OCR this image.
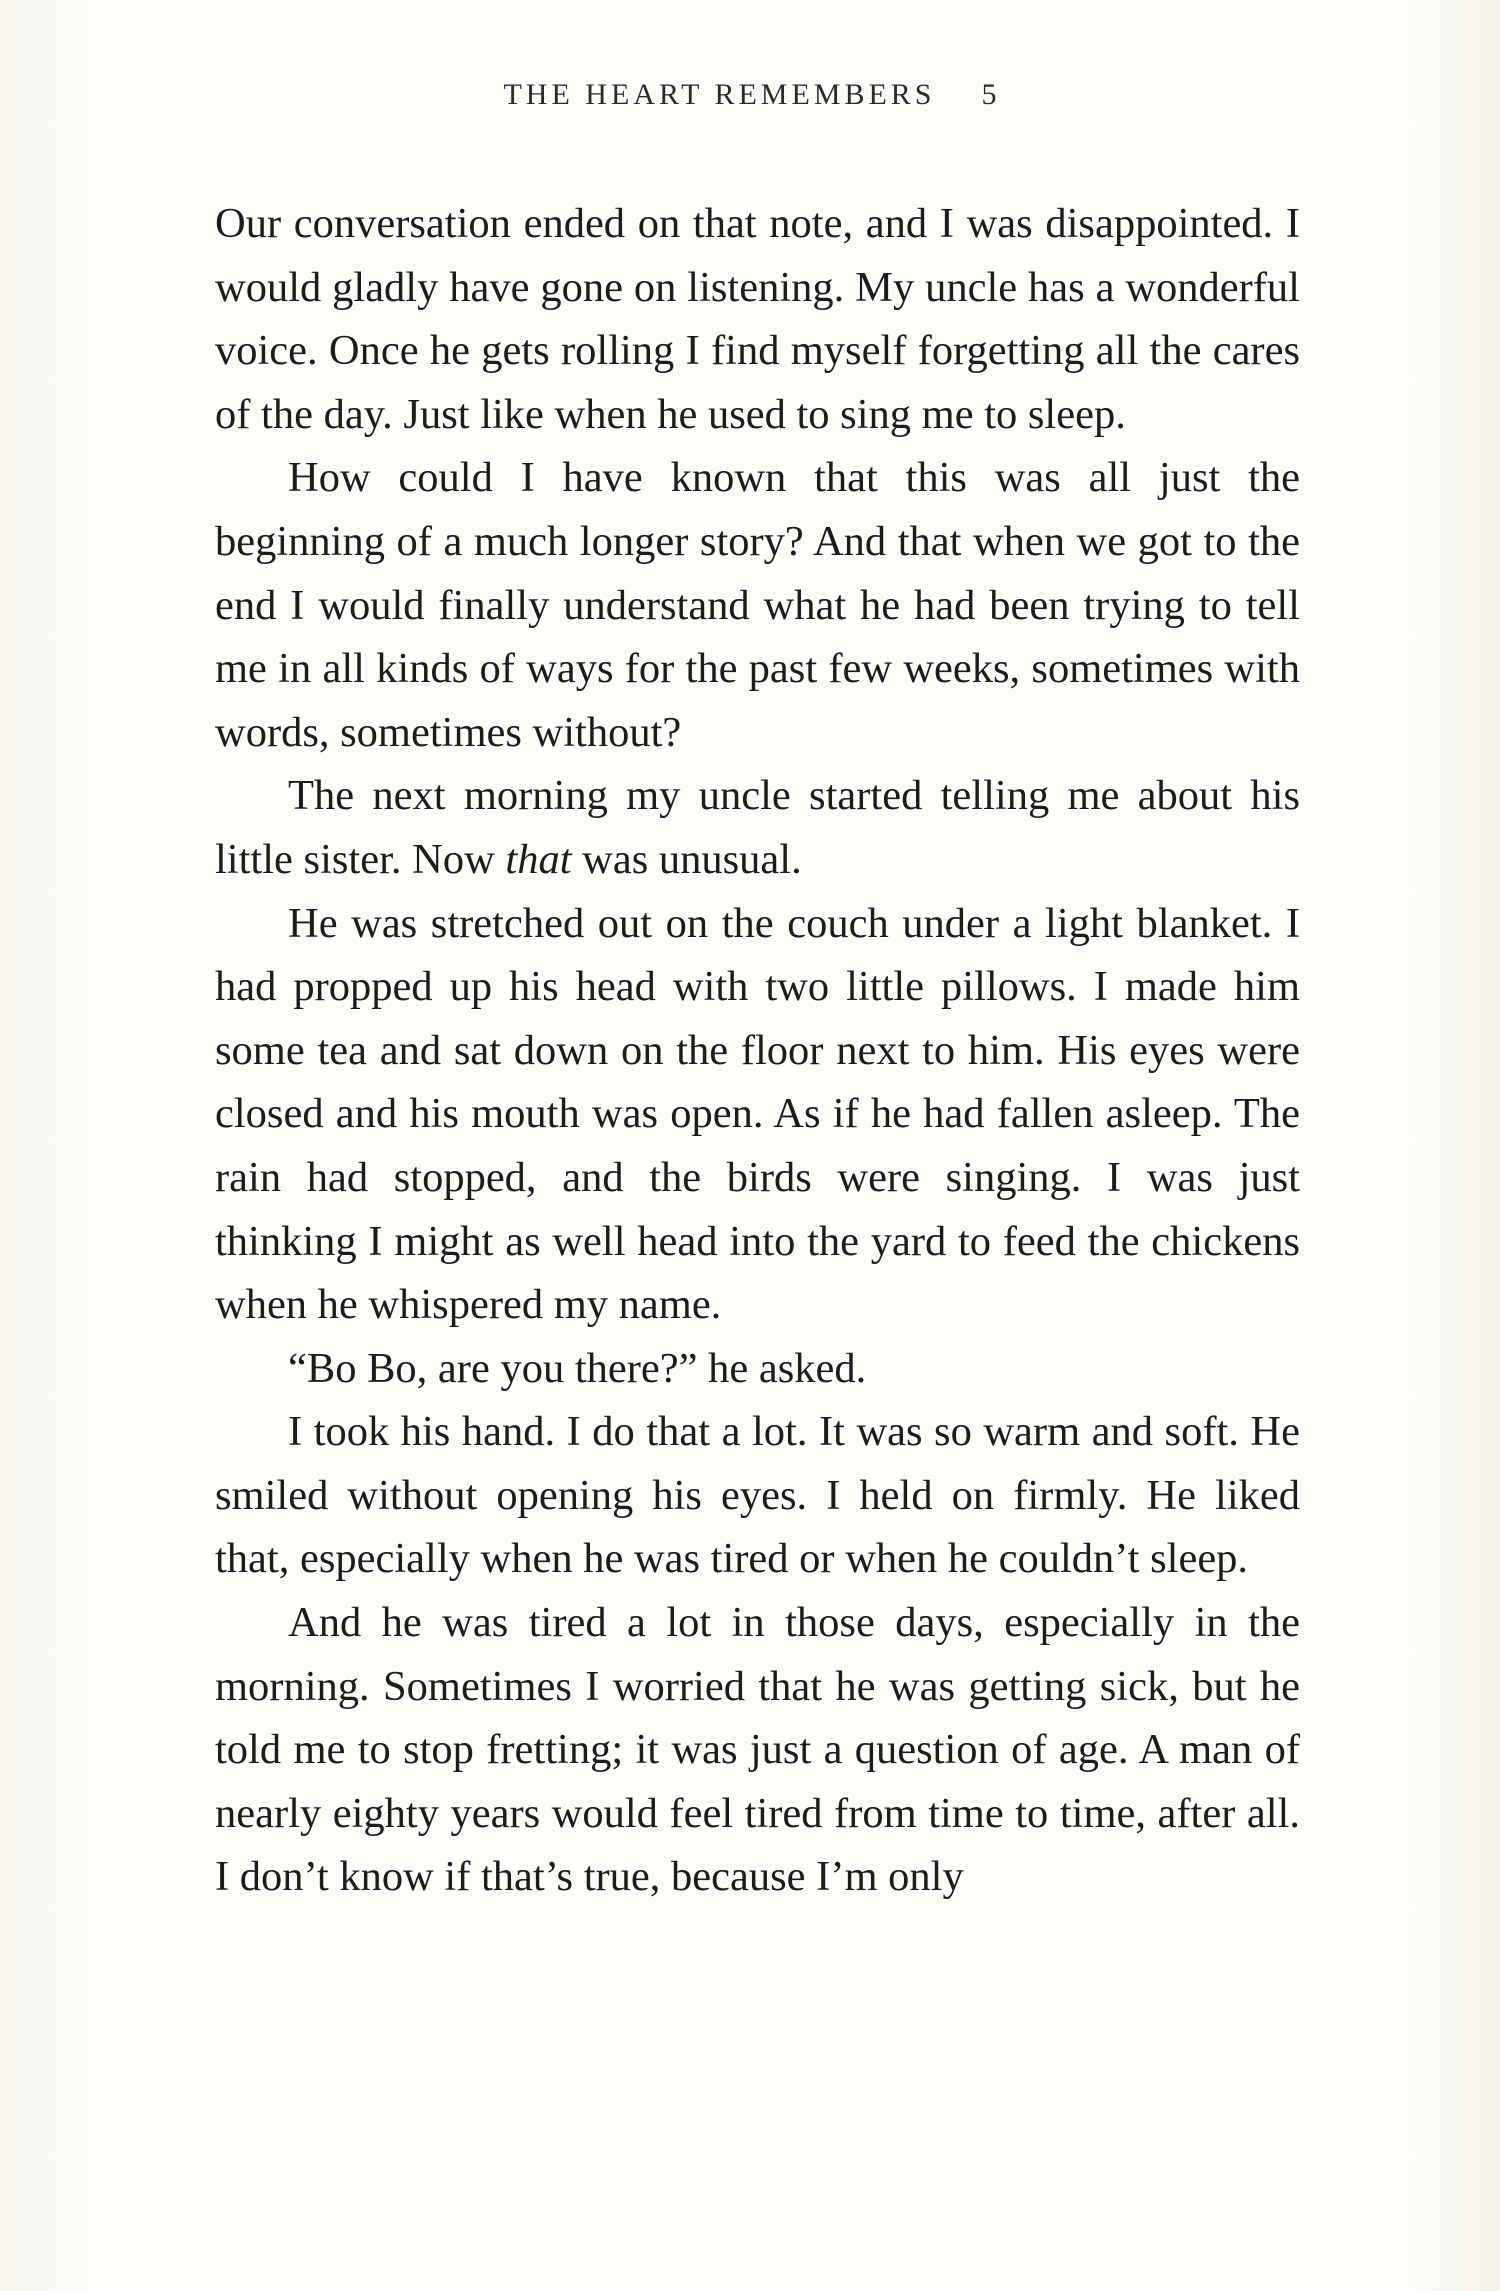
THE HEART REMEMBERS 5

Our conversation ended on that note, and I was disappointed. I would gladly have gone on listening. My uncle has a wonderful voice. Once he gets rolling I find myself forgetting all the cares of the day. Just like when he used to sing me to sleep.

How could I have known that this was all just the beginning of a much longer story? And that when we got to the end I would finally understand what he had been trying to tell me in all kinds of ways for the past few weeks, sometimes with words, sometimes without?

The next morning my uncle started telling me about his little sister. Now that was unusual.

He was stretched out on the couch under a light blanket. I had propped up his head with two little pillows. I made him some tea and sat down on the floor next to him. His eyes were closed and his mouth was open. As if he had fallen asleep. The rain had stopped, and the birds were singing. I was just thinking I might as well head into the yard to feed the chickens when he whispered my name.

“Bo Bo, are you there?” he asked.

I took his hand. I do that a lot. It was so warm and soft. He smiled without opening his eyes. I held on firmly. He liked that, especially when he was tired or when he couldn’t sleep.

And he was tired a lot in those days, especially in the morning. Sometimes I worried that he was getting sick, but he told me to stop fretting; it was just a question of age. A man of nearly eighty years would feel tired from time to time, after all. I don’t know if that’s true, because I’m only
